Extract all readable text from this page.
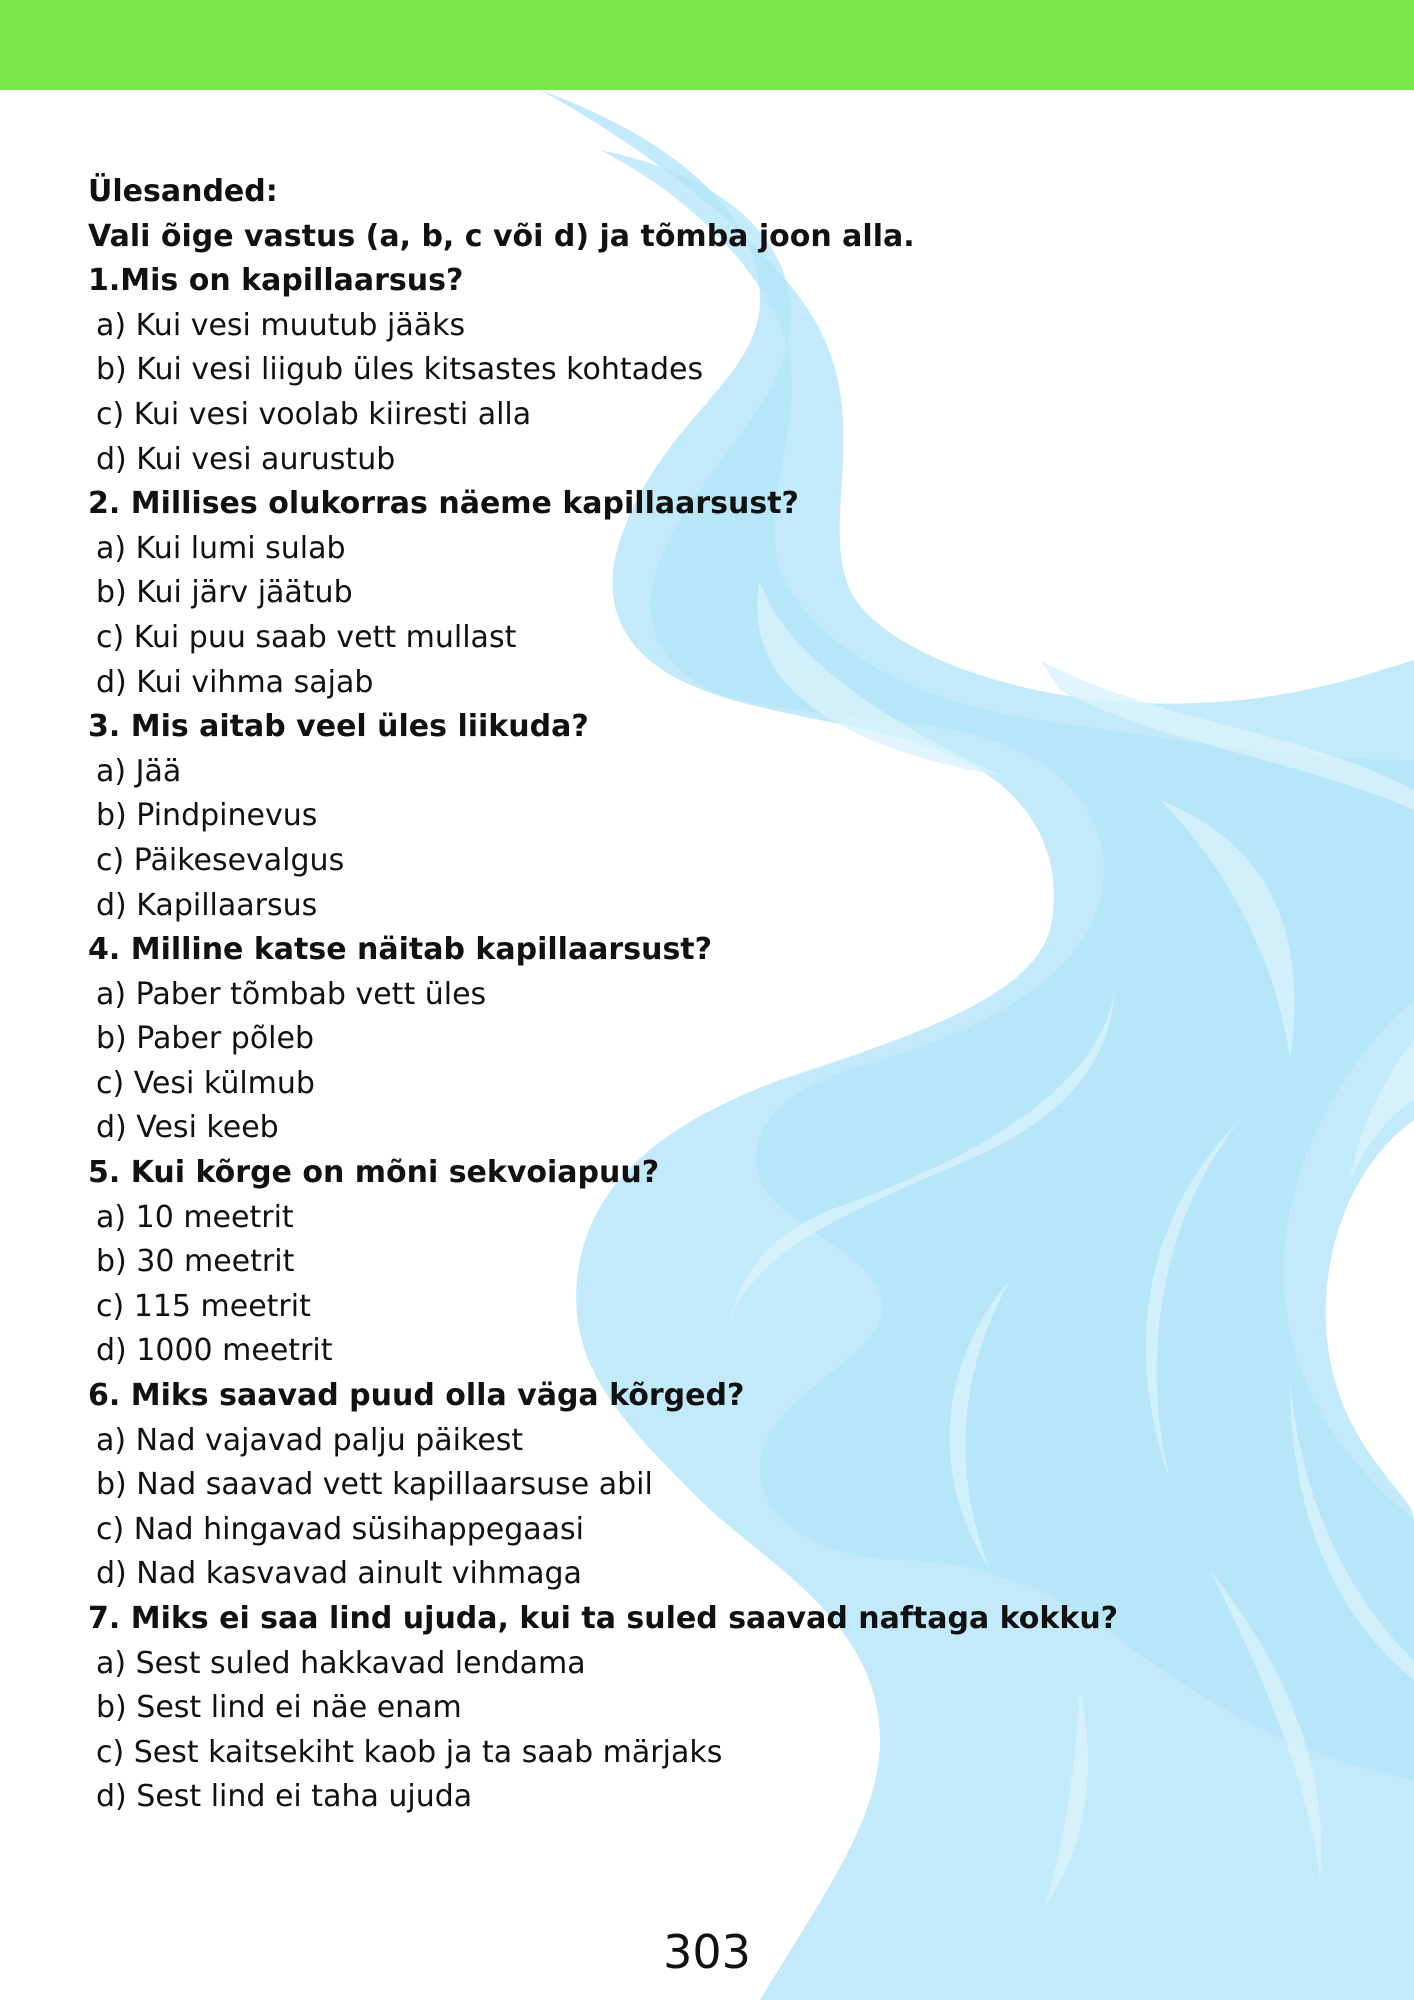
Ülesanded:
Vali õige vastus (a, b, c või d) ja tõmba joon alla.
1.Mis on kapillaarsus?
a) Kui vesi muutub jääks
b) Kui vesi liigub üles kitsastes kohtades
c) Kui vesi voolab kiiresti alla
d) Kui vesi aurustub
2. Millises olukorras näeme kapillaarsust?
a) Kui lumi sulab
b) Kui järv jäätub
c) Kui puu saab vett mullast
d) Kui vihma sajab
3. Mis aitab veel üles liikuda?
a) Jää
b) Pindpinevus
c) Päikesevalgus
d) Kapillaarsus
4. Milline katse näitab kapillaarsust?
a) Paber tõmbab vett üles
b) Paber põleb
c) Vesi külmub
d) Vesi keeb
5. Kui kõrge on mõni sekvoiapuu?
a) 10 meetrit
b) 30 meetrit
c) 115 meetrit
d) 1000 meetrit
6. Miks saavad puud olla väga kõrged?
a) Nad vajavad palju päikest
b) Nad saavad vett kapillaarsuse abil
c) Nad hingavad süsihappegaasi
d) Nad kasvavad ainult vihmaga
7. Miks ei saa lind ujuda, kui ta suled saavad naftaga kokku?
a) Sest suled hakkavad lendama
b) Sest lind ei näe enam
c) Sest kaitsekiht kaob ja ta saab märjaks
d) Sest lind ei taha ujuda
303
